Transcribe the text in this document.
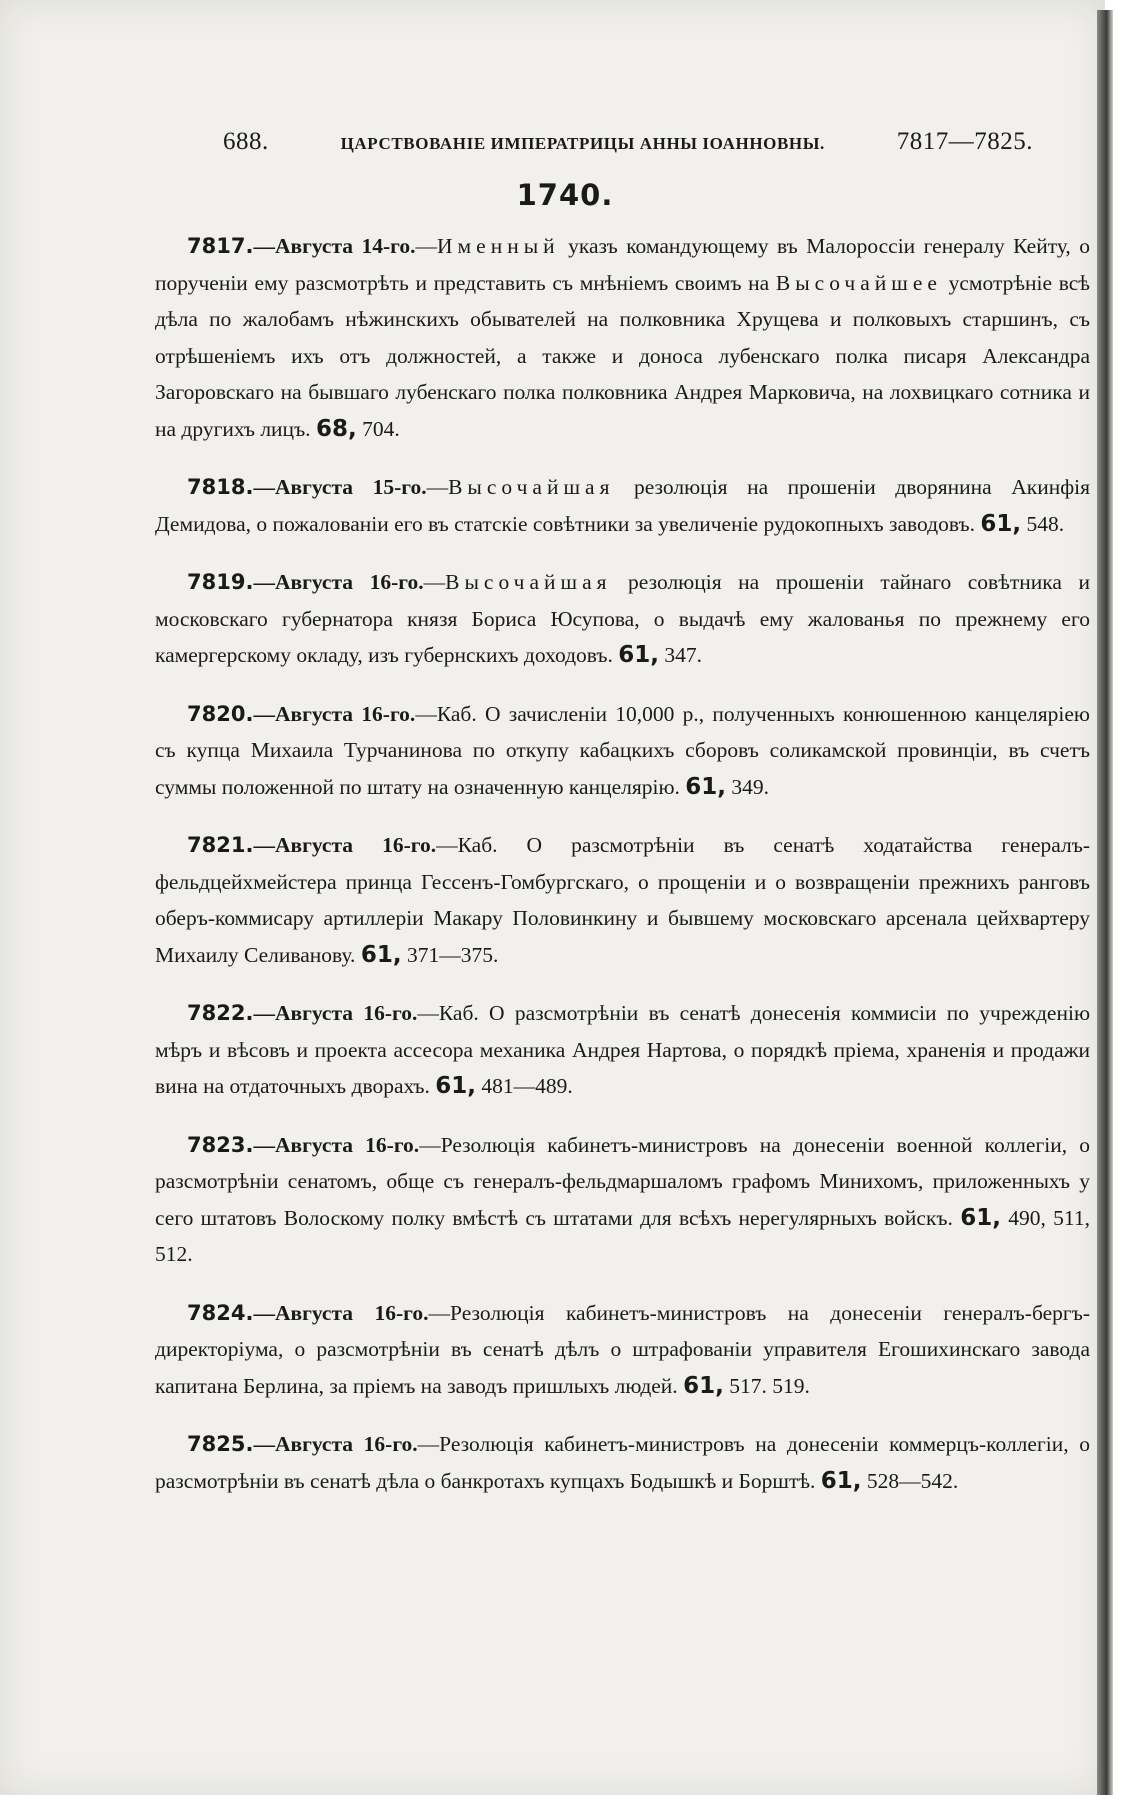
688.	ЦАРСТВОВАНІЕ ИМПЕРАТРИЦЫ АННЫ ІОАННОВНЫ.	7817—7825.
1740.

7817.—Августа 14-го.—Именный указъ командующему въ Малороссіи генералу Кейту, о порученіи ему разсмотрѣть и представить съ мнѣніемъ своимъ на Высочайшее усмотрѣніе всѣ дѣла по жалобамъ нѣжинскихъ обывателей на полковника Хрущева и полковыхъ старшинъ, съ отрѣшеніемъ ихъ отъ должностей, а также и доноса лубенскаго полка писаря Александра Загоровскаго на бывшаго лубенскаго полка полковника Андрея Марковича, на лохвицкаго сотника и на другихъ лицъ. 68, 704.

7818.—Августа 15-го.—Высочайшая резолюція на прошеніи дворянина Акинфія Демидова, о пожалованіи его въ статскіе совѣтники за увеличеніе рудокопныхъ заводовъ. 61, 548.

7819.—Августа 16-го.—Высочайшая резолюція на прошеніи тайнаго совѣтника и московскаго губернатора князя Бориса Юсупова, о выдачѣ ему жалованья по прежнему его камергерскому окладу, изъ губернскихъ доходовъ. 61, 347.

7820.—Августа 16-го.—Каб. О зачисленіи 10,000 р., полученныхъ конюшенною канцеляріею съ купца Михаила Турчанинова по откупу кабацкихъ сборовъ соликамской провинціи, въ счетъ суммы положенной по штату на означенную канцелярію. 61, 349.

7821.—Августа 16-го.—Каб. О разсмотрѣніи въ сенатѣ ходатайства генералъ-фельдцейхмейстера принца Гессенъ-Гомбургскаго, о прощеніи и о возвращеніи прежнихъ ранговъ оберъ-коммисару артиллеріи Макару Половинкину и бывшему московскаго арсенала цейхвартеру Михаилу Селиванову. 61, 371—375.

7822.—Августа 16-го.—Каб. О разсмотрѣніи въ сенатѣ донесенія коммисіи по учрежденію мѣръ и вѣсовъ и проекта ассесора механика Андрея Нартова, о порядкѣ пріема, храненія и продажи вина на отдаточныхъ дворахъ. 61, 481—489.

7823.—Августа 16-го.—Резолюція кабинетъ-министровъ на донесеніи военной коллегіи, о разсмотрѣніи сенатомъ, обще съ генералъ-фельдмаршаломъ графомъ Минихомъ, приложенныхъ у сего штатовъ Волоскому полку вмѣстѣ съ штатами для всѣхъ нерегулярныхъ войскъ. 61, 490, 511, 512.

7824.—Августа 16-го.—Резолюція кабинетъ-министровъ на донесеніи генералъ-бергъ-директоріума, о разсмотрѣніи въ сенатѣ дѣлъ о штрафованіи управителя Егошихинскаго завода капитана Берлина, за пріемъ на заводъ пришлыхъ людей. 61, 517. 519.

7825.—Августа 16-го.—Резолюція кабинетъ-министровъ на донесеніи коммерцъ-коллегіи, о разсмотрѣніи въ сенатѣ дѣла о банкротахъ купцахъ Бодышкѣ и Борштѣ. 61, 528—542.
